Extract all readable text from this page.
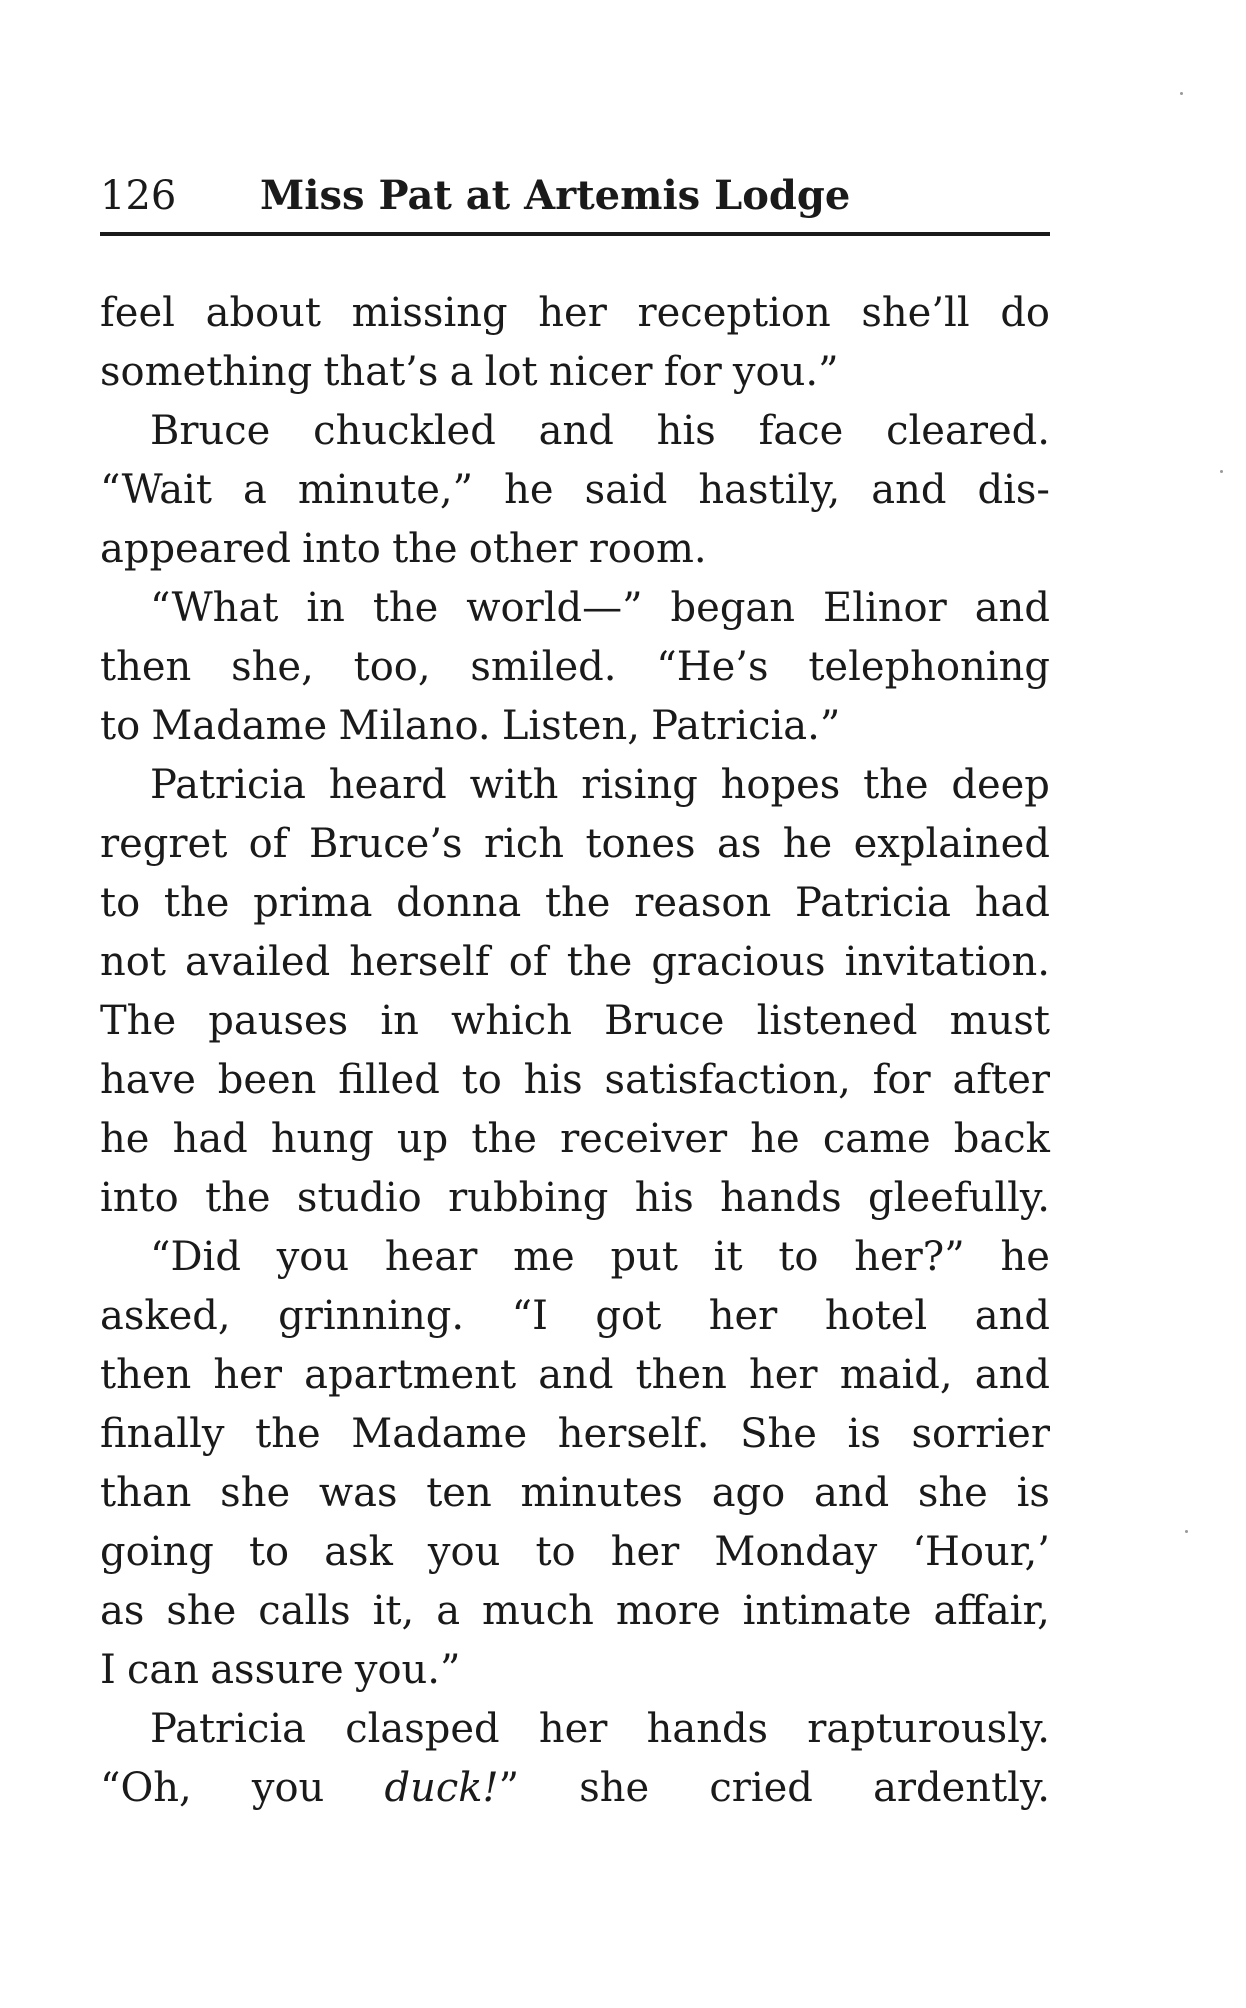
126 Miss Pat at Artemis Lodge
feel about missing her reception she’ll do
something that’s a lot nicer for you.”
Bruce chuckled and his face cleared.
“Wait a minute,” he said hastily, and dis-
appeared into the other room.
“What in the world—” began Elinor and
then she, too, smiled. “He’s telephoning
to Madame Milano. Listen, Patricia.”
Patricia heard with rising hopes the deep
regret of Bruce’s rich tones as he explained
to the prima donna the reason Patricia had
not availed herself of the gracious invitation.
The pauses in which Bruce listened must
have been filled to his satisfaction, for after
he had hung up the receiver he came back
into the studio rubbing his hands gleefully.
“Did you hear me put it to her?” he
asked, grinning. “I got her hotel and
then her apartment and then her maid, and
finally the Madame herself. She is sorrier
than she was ten minutes ago and she is
going to ask you to her Monday ‘Hour,’
as she calls it, a much more intimate affair,
I can assure you.”
Patricia clasped her hands rapturously.
“Oh, you duck!” she cried ardently.
